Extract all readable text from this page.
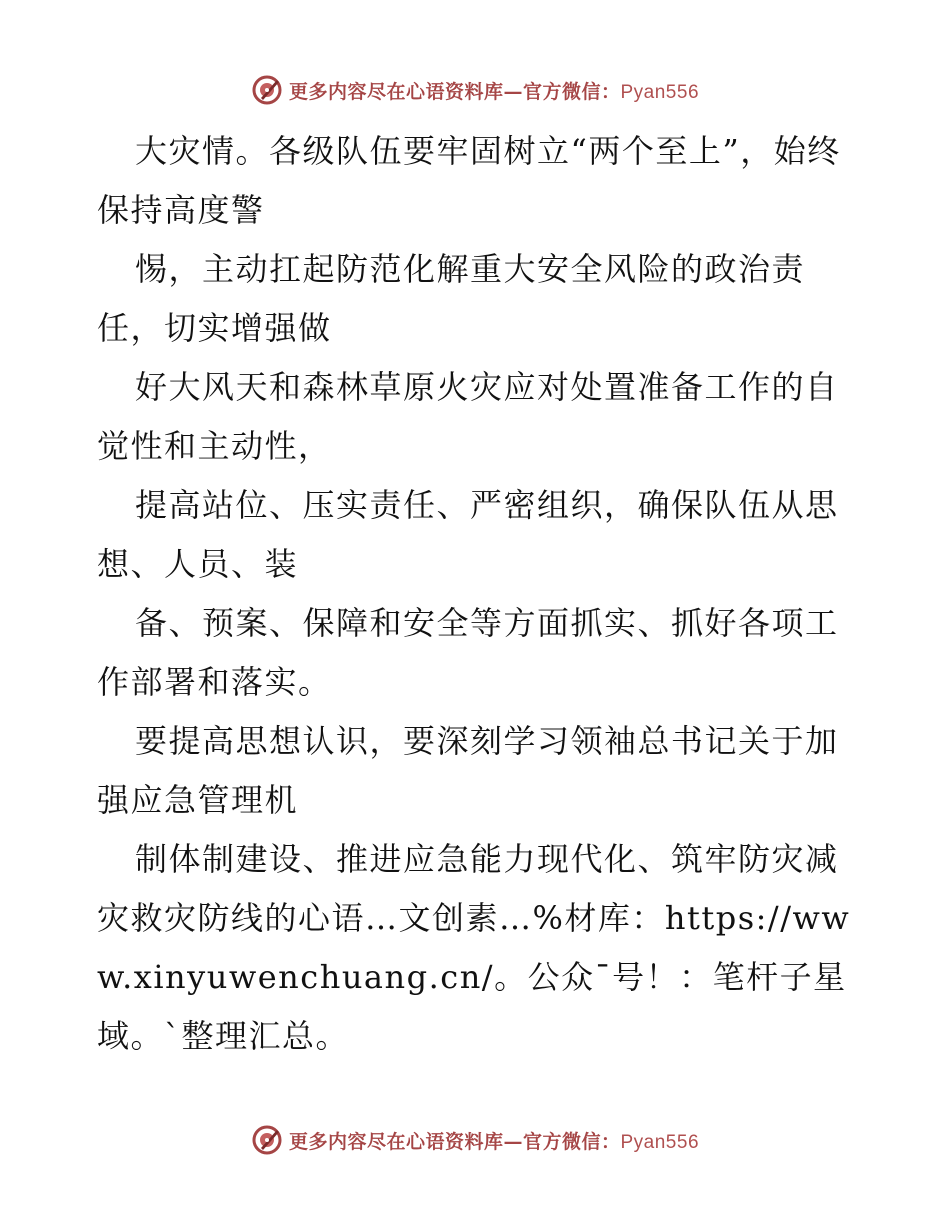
更多内容尽在心语资料库—官方微信：Pyan556

大灾情。各级队伍要牢固树立“两个至上”，始终保持高度警

惕，主动扛起防范化解重大安全风险的政治责任，切实增强做

好大风天和森林草原火灾应对处置准备工作的自觉性和主动性，

提高站位、压实责任、严密组织，确保队伍从思想、人员、装

备、预案、保障和安全等方面抓实、抓好各项工作部署和落实。

要提高思想认识，要深刻学习领袖总书记关于加强应急管理机

制体制建设、推进应急能力现代化、筑牢防灾减灾救灾防线的心语…文创素…%材库：https://www.xinyuwenchuang.cn/。公众¯号！：笔杆子星域。`整理汇总。

更多内容尽在心语资料库—官方微信：Pyan556
